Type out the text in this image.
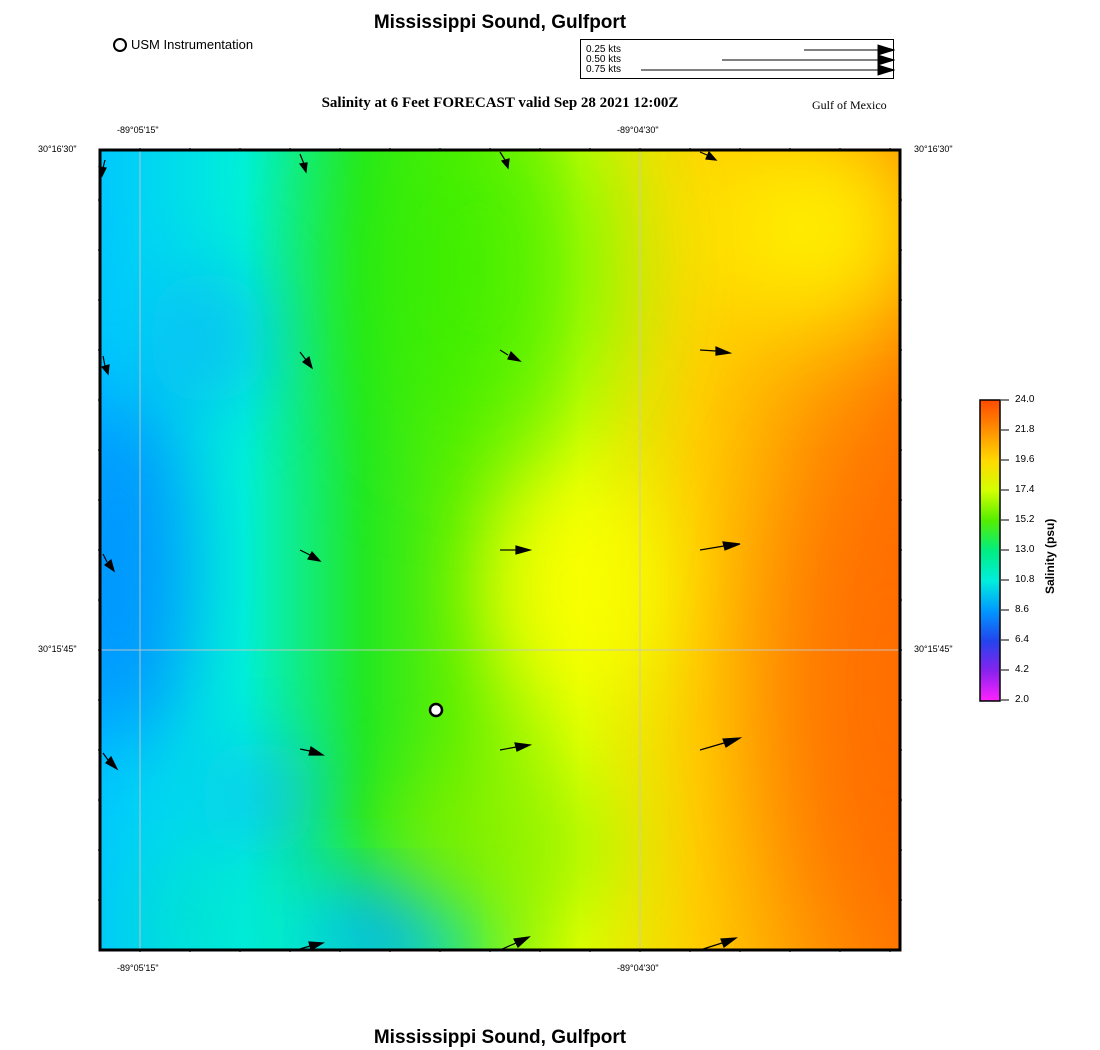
Mississippi Sound, Gulfport
USM Instrumentation	0.25 kts
0.50 kts
0.75 kts
Salinity at 6 Feet FORECAST valid Sep 28 2021 12:00Z	Gulf of Mexico
-89°05'15"	-89°04'30"
-89°05'15"	-89°04'30"
30°16'30"
30°15'45"
30°16'30"
30°15'45"
24.0
21.8
19.6
17.4
15.2
13.0
10.8
8.6
6.4
4.2
2.0
Salinity (psu)
Mississippi Sound, Gulfport
